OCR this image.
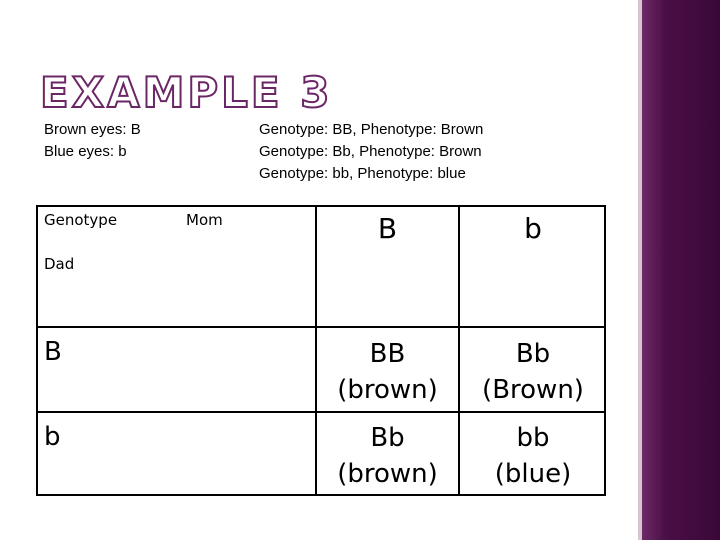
EXAMPLE 3
Brown eyes: B
Blue eyes: b
Genotype: BB, Phenotype: Brown
Genotype: Bb, Phenotype: Brown
Genotype: bb, Phenotype: blue
Genotype	Mom
Dad
B	b
B
b
BB
(brown)
Bb
(Brown)
Bb
(brown)
bb
(blue)
